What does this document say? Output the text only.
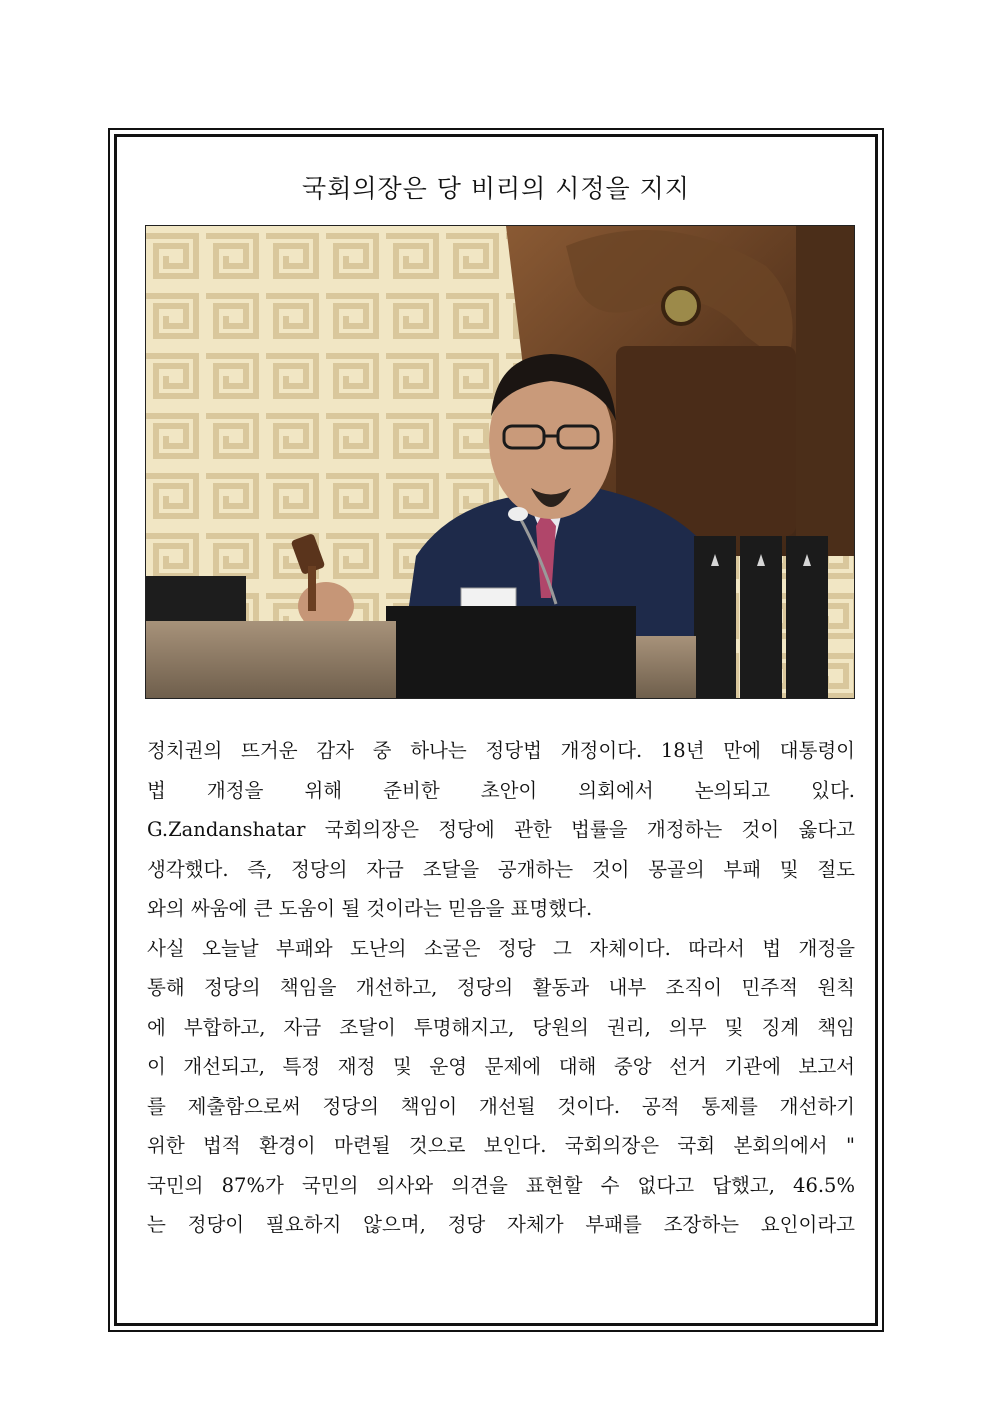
국회의장은 당 비리의 시정을 지지

정치권의 뜨거운 감자 중 하나는 정당법 개정이다. 18년 만에 대통령이

법 개정을 위해 준비한 초안이 의회에서 논의되고 있다.

G.Zandanshatar 국회의장은 정당에 관한 법률을 개정하는 것이 옳다고

생각했다. 즉, 정당의 자금 조달을 공개하는 것이 몽골의 부패 및 절도

와의 싸움에 큰 도움이 될 것이라는 믿음을 표명했다.

사실 오늘날 부패와 도난의 소굴은 정당 그 자체이다. 따라서 법 개정을

통해 정당의 책임을 개선하고, 정당의 활동과 내부 조직이 민주적 원칙

에 부합하고, 자금 조달이 투명해지고, 당원의 권리, 의무 및 징계 책임

이 개선되고, 특정 재정 및 운영 문제에 대해 중앙 선거 기관에 보고서

를 제출함으로써 정당의 책임이 개선될 것이다. 공적 통제를 개선하기

위한 법적 환경이 마련될 것으로 보인다. 국회의장은 국회 본회의에서 "

국민의 87%가 국민의 의사와 의견을 표현할 수 없다고 답했고, 46.5%

는 정당이 필요하지 않으며, 정당 자체가 부패를 조장하는 요인이라고
